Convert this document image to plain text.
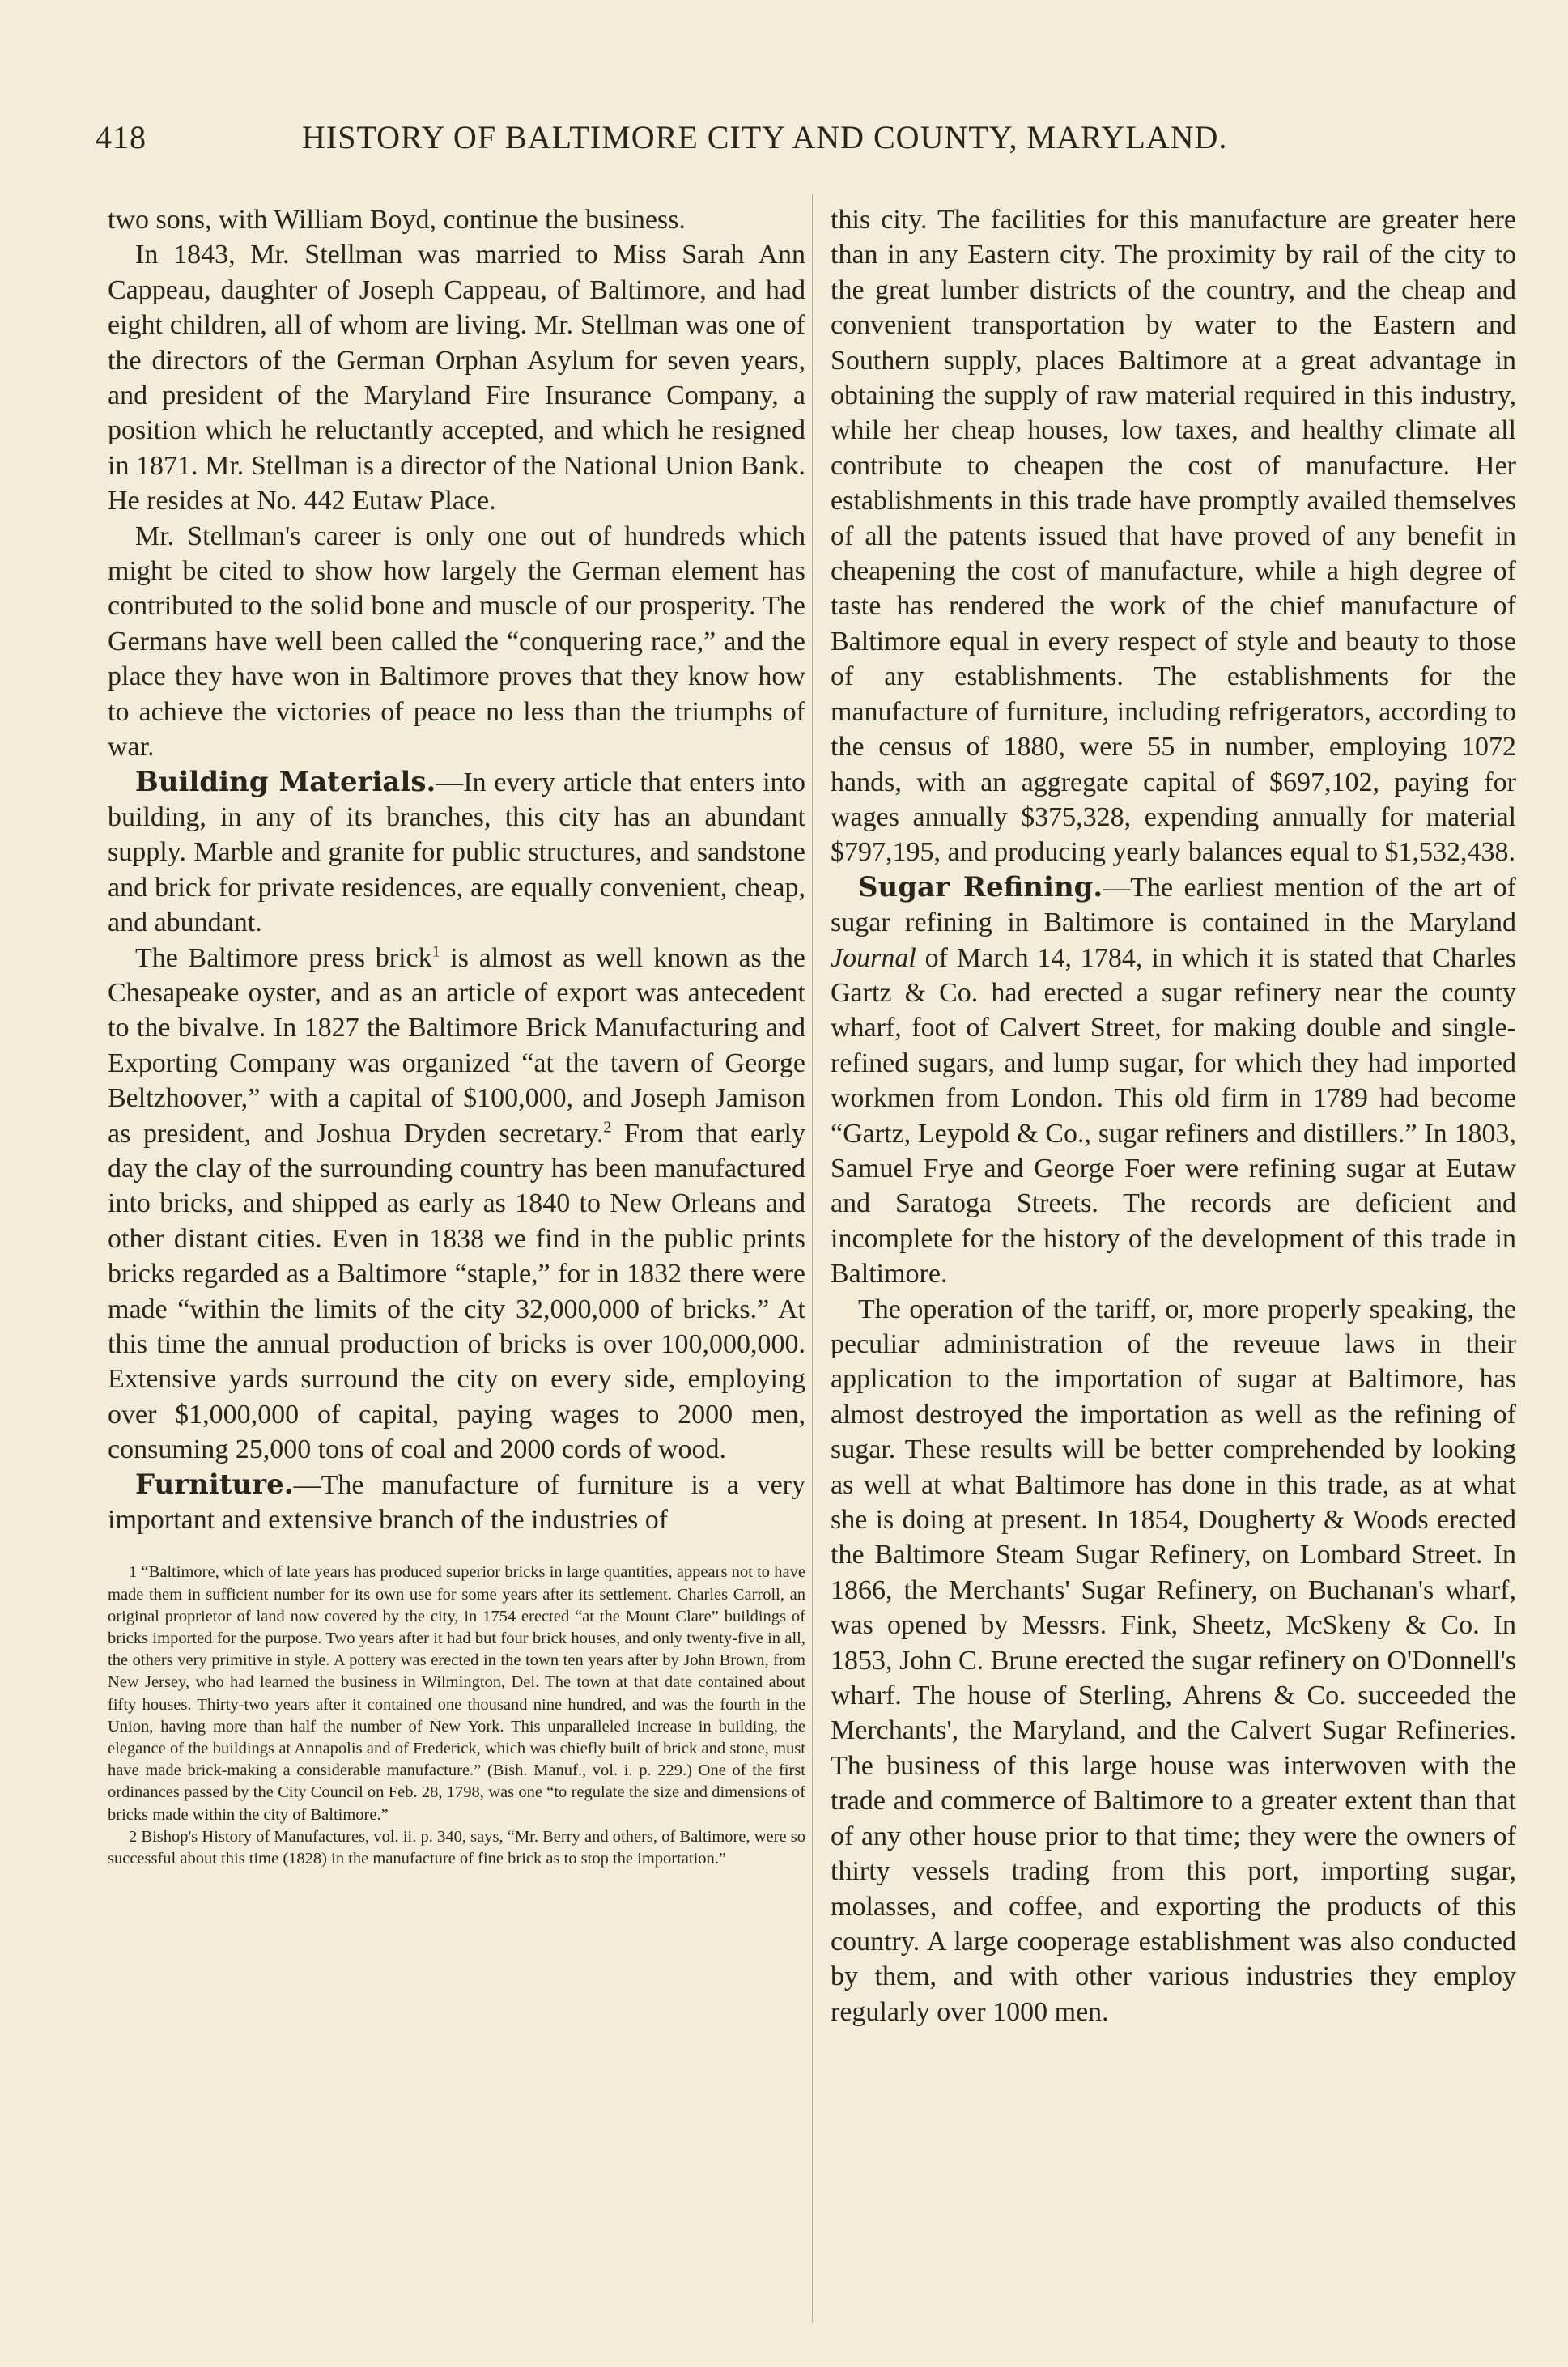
418	HISTORY OF BALTIMORE CITY AND COUNTY, MARYLAND.

two sons, with William Boyd, continue the business.

In 1843, Mr. Stellman was married to Miss Sarah Ann Cappeau, daughter of Joseph Cappeau, of Baltimore, and had eight children, all of whom are living. Mr. Stellman was one of the directors of the German Orphan Asylum for seven years, and president of the Maryland Fire Insurance Company, a position which he reluctantly accepted, and which he resigned in 1871. Mr. Stellman is a director of the National Union Bank. He resides at No. 442 Eutaw Place.

Mr. Stellman's career is only one out of hundreds which might be cited to show how largely the German element has contributed to the solid bone and muscle of our prosperity. The Germans have well been called the “conquering race,” and the place they have won in Baltimore proves that they know how to achieve the victories of peace no less than the triumphs of war.

Building Materials.—In every article that enters into building, in any of its branches, this city has an abundant supply. Marble and granite for public structures, and sandstone and brick for private residences, are equally convenient, cheap, and abundant.

The Baltimore press brick$^1$ is almost as well known as the Chesapeake oyster, and as an article of export was antecedent to the bivalve. In 1827 the Baltimore Brick Manufacturing and Exporting Company was organized “at the tavern of George Beltzhoover,” with a capital of $100,000, and Joseph Jamison as president, and Joshua Dryden secretary.$^2$ From that early day the clay of the surrounding country has been manufactured into bricks, and shipped as early as 1840 to New Orleans and other distant cities. Even in 1838 we find in the public prints bricks regarded as a Baltimore “staple,” for in 1832 there were made “within the limits of the city 32,000,000 of bricks.” At this time the annual production of bricks is over 100,000,000. Extensive yards surround the city on every side, employing over $1,000,000 of capital, paying wages to 2000 men, consuming 25,000 tons of coal and 2000 cords of wood.

Furniture.—The manufacture of furniture is a very important and extensive branch of the industries of

1 “Baltimore, which of late years has produced superior bricks in large quantities, appears not to have made them in sufficient number for its own use for some years after its settlement. Charles Carroll, an original proprietor of land now covered by the city, in 1754 erected “at the Mount Clare” buildings of bricks imported for the purpose. Two years after it had but four brick houses, and only twenty-five in all, the others very primitive in style. A pottery was erected in the town ten years after by John Brown, from New Jersey, who had learned the business in Wilmington, Del. The town at that date contained about fifty houses. Thirty-two years after it contained one thousand nine hundred, and was the fourth in the Union, having more than half the number of New York. This unparalleled increase in building, the elegance of the buildings at Annapolis and of Frederick, which was chiefly built of brick and stone, must have made brick-making a considerable manufacture.” (Bish. Manuf., vol. i. p. 229.) One of the first ordinances passed by the City Council on Feb. 28, 1798, was one “to regulate the size and dimensions of bricks made within the city of Baltimore.”

2 Bishop's History of Manufactures, vol. ii. p. 340, says, “Mr. Berry and others, of Baltimore, were so successful about this time (1828) in the manufacture of fine brick as to stop the importation.”

this city. The facilities for this manufacture are greater here than in any Eastern city. The proximity by rail of the city to the great lumber districts of the country, and the cheap and convenient transportation by water to the Eastern and Southern supply, places Baltimore at a great advantage in obtaining the supply of raw material required in this industry, while her cheap houses, low taxes, and healthy climate all contribute to cheapen the cost of manufacture. Her establishments in this trade have promptly availed themselves of all the patents issued that have proved of any benefit in cheapening the cost of manufacture, while a high degree of taste has rendered the work of the chief manufacture of Baltimore equal in every respect of style and beauty to those of any establishments. The establishments for the manufacture of furniture, including refrigerators, according to the census of 1880, were 55 in number, employing 1072 hands, with an aggregate capital of $697,102, paying for wages annually $375,328, expending annually for material $797,195, and producing yearly balances equal to $1,532,438.

Sugar Refining.—The earliest mention of the art of sugar refining in Baltimore is contained in the Maryland Journal of March 14, 1784, in which it is stated that Charles Gartz & Co. had erected a sugar refinery near the county wharf, foot of Calvert Street, for making double and single-refined sugars, and lump sugar, for which they had imported workmen from London. This old firm in 1789 had become “Gartz, Leypold & Co., sugar refiners and distillers.” In 1803, Samuel Frye and George Foer were refining sugar at Eutaw and Saratoga Streets. The records are deficient and incomplete for the history of the development of this trade in Baltimore.

The operation of the tariff, or, more properly speaking, the peculiar administration of the reveuue laws in their application to the importation of sugar at Baltimore, has almost destroyed the importation as well as the refining of sugar. These results will be better comprehended by looking as well at what Baltimore has done in this trade, as at what she is doing at present. In 1854, Dougherty & Woods erected the Baltimore Steam Sugar Refinery, on Lombard Street. In 1866, the Merchants' Sugar Refinery, on Buchanan's wharf, was opened by Messrs. Fink, Sheetz, McSkeny & Co. In 1853, John C. Brune erected the sugar refinery on O'Donnell's wharf. The house of Sterling, Ahrens & Co. succeeded the Merchants', the Maryland, and the Calvert Sugar Refineries. The business of this large house was interwoven with the trade and commerce of Baltimore to a greater extent than that of any other house prior to that time; they were the owners of thirty vessels trading from this port, importing sugar, molasses, and coffee, and exporting the products of this country. A large cooperage establishment was also conducted by them, and with other various industries they employ regularly over 1000 men.
